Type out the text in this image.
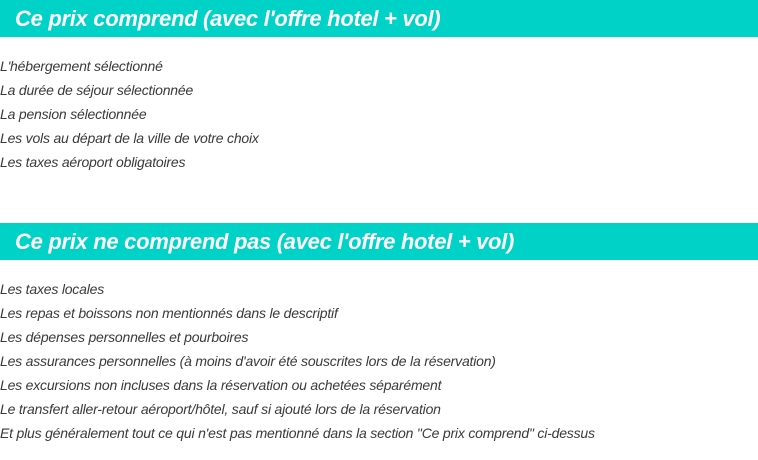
Ce prix comprend (avec l'offre hotel + vol)
L'hébergement sélectionné
La durée de séjour sélectionnée
La pension sélectionnée
Les vols au départ de la ville de votre choix
Les taxes aéroport obligatoires
Ce prix ne comprend pas (avec l'offre hotel + vol)
Les taxes locales
Les repas et boissons non mentionnés dans le descriptif
Les dépenses personnelles et pourboires
Les assurances personnelles (à moins d'avoir été souscrites lors de la réservation)
Les excursions non incluses dans la réservation ou achetées séparément
Le transfert aller-retour aéroport/hôtel, sauf si ajouté lors de la réservation
Et plus généralement tout ce qui n'est pas mentionné dans la section "Ce prix comprend" ci-dessus
